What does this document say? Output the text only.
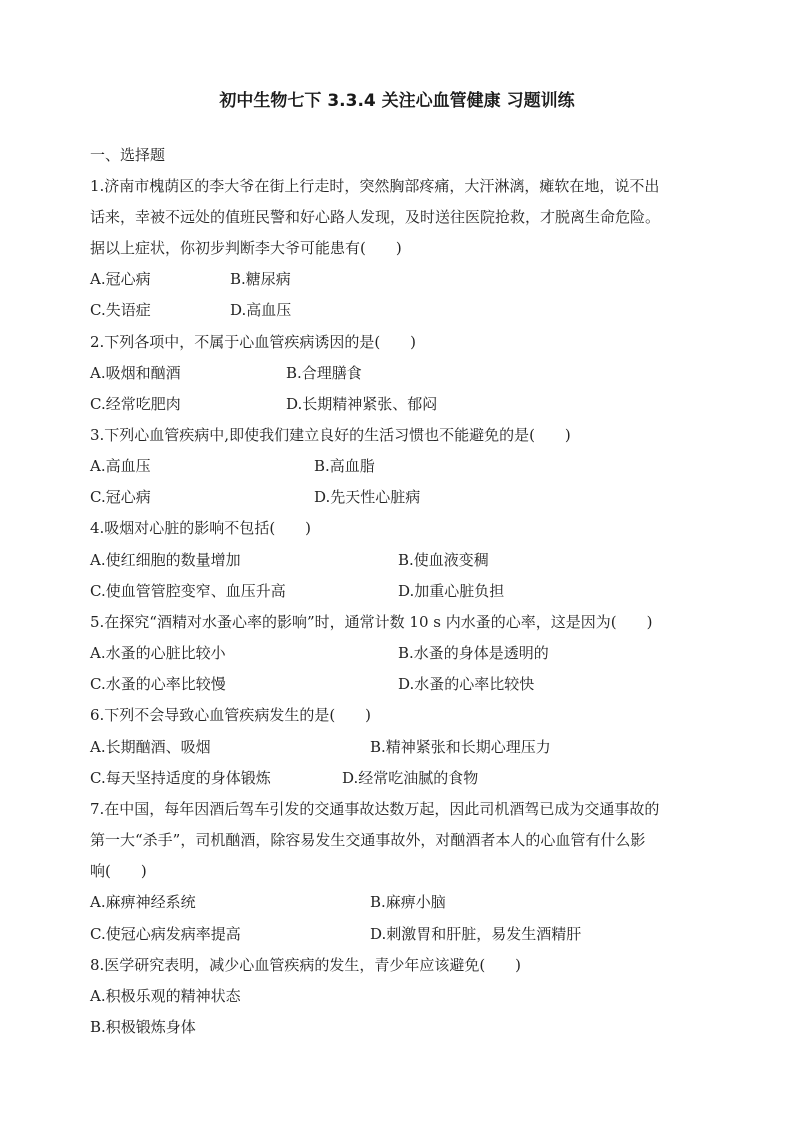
初中生物七下 3.3.4 关注心血管健康 习题训练
一、选择题
1.济南市槐荫区的李大爷在街上行走时，突然胸部疼痛，大汗淋漓，瘫软在地，说不出
话来，幸被不远处的值班民警和好心路人发现，及时送往医院抢救，才脱离生命危险。
据以上症状，你初步判断李大爷可能患有(　　)
A.冠心病	B.糖尿病
C.失语症	D.高血压
2.下列各项中，不属于心血管疾病诱因的是(　　)
A.吸烟和酗酒	B.合理膳食
C.经常吃肥肉	D.长期精神紧张、郁闷
3.下列心血管疾病中,即使我们建立良好的生活习惯也不能避免的是(　　)
A.高血压	B.高血脂
C.冠心病	D.先天性心脏病
4.吸烟对心脏的影响不包括(　　)
A.使红细胞的数量增加	B.使血液变稠
C.使血管管腔变窄、血压升高	D.加重心脏负担
5.在探究“酒精对水蚤心率的影响”时，通常计数 10 s 内水蚤的心率，这是因为(　　)
A.水蚤的心脏比较小	B.水蚤的身体是透明的
C.水蚤的心率比较慢	D.水蚤的心率比较快
6.下列不会导致心血管疾病发生的是(　　)
A.长期酗酒、吸烟	B.精神紧张和长期心理压力
C.每天坚持适度的身体锻炼	D.经常吃油腻的食物
7.在中国，每年因酒后驾车引发的交通事故达数万起，因此司机酒驾已成为交通事故的
第一大“杀手”，司机酗酒，除容易发生交通事故外，对酗酒者本人的心血管有什么影
响(　　)
A.麻痹神经系统	B.麻痹小脑
C.使冠心病发病率提高	D.刺激胃和肝脏，易发生酒精肝
8.医学研究表明，减少心血管疾病的发生，青少年应该避免(　　)
A.积极乐观的精神状态
B.积极锻炼身体
